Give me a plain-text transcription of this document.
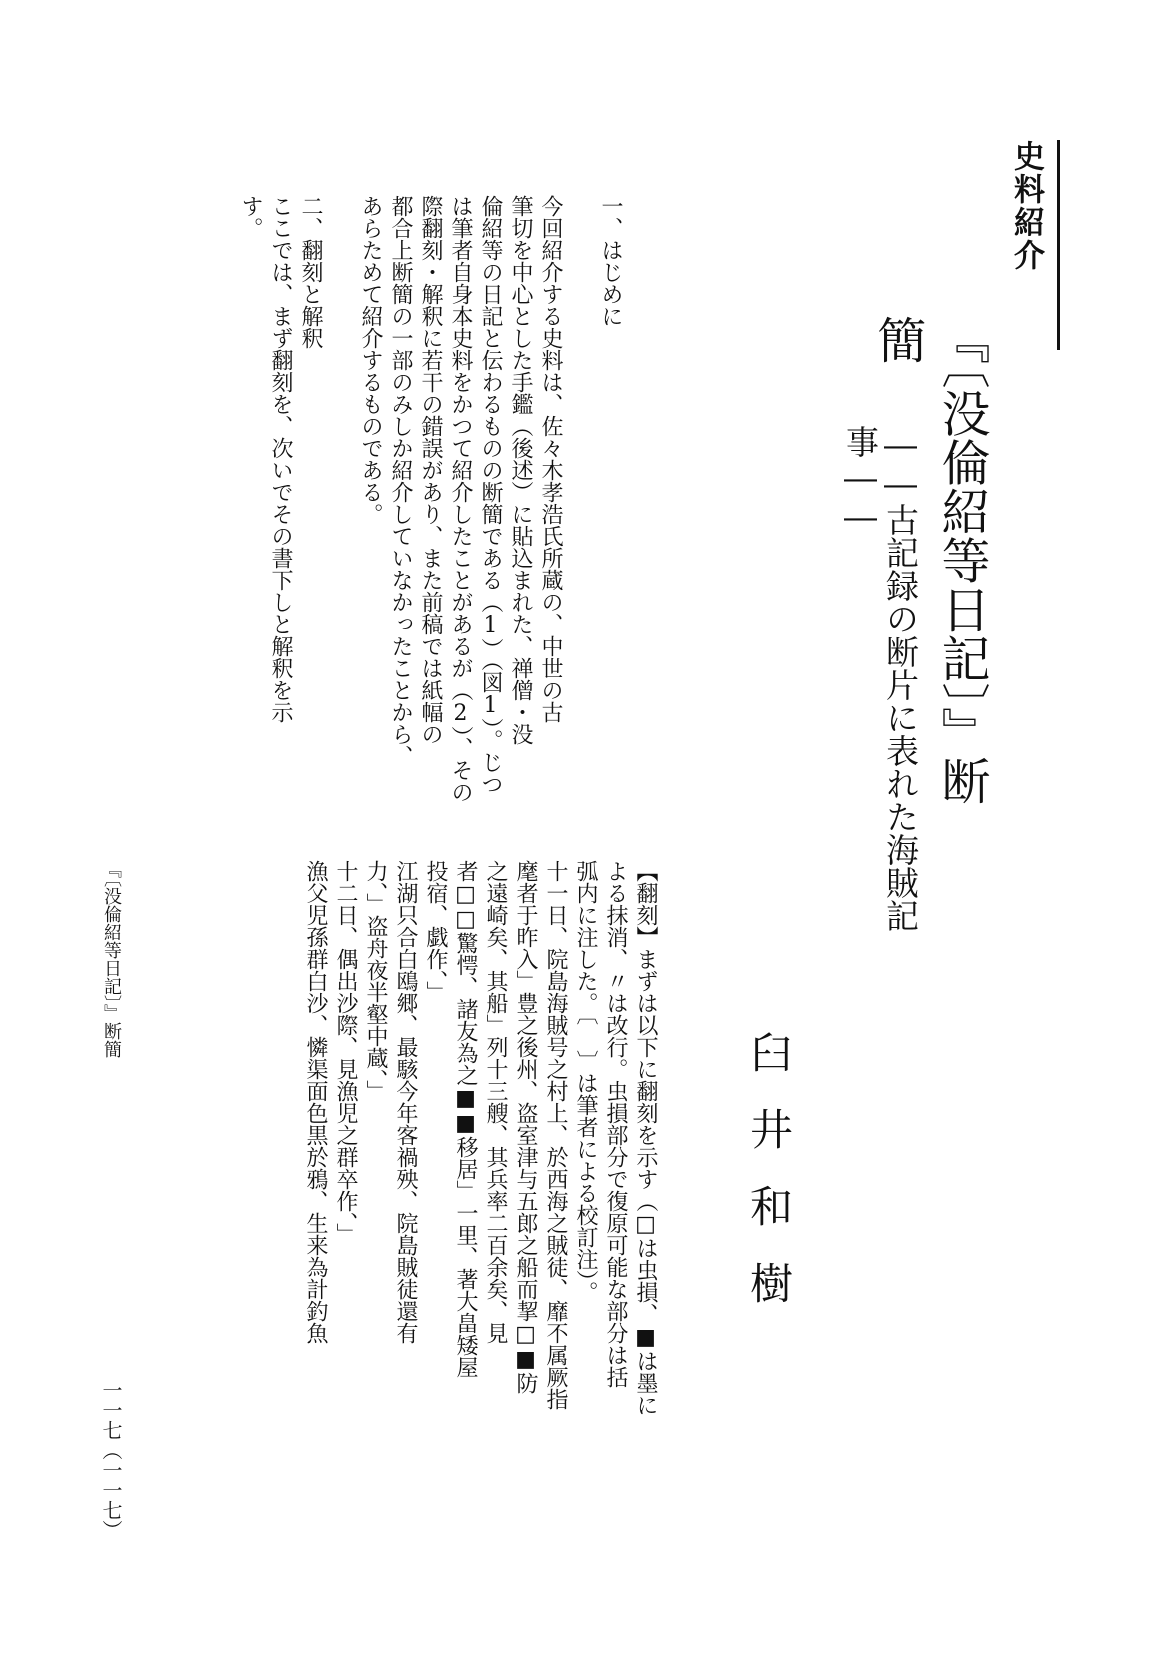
史料紹介
『〔没倫紹等日記〕』断簡
――古記録の断片に表れた海賊記事――
臼井和樹
一、はじめに
今回紹介する史料は、佐々木孝浩氏所蔵の、中世の古
筆切を中心とした手鑑（後述）に貼込まれた、禅僧・没
倫紹等の日記と伝わるものの断簡である（1）（図1）。じつ
は筆者自身本史料をかつて紹介したことがあるが（2）、その
際翻刻・解釈に若干の錯誤があり、また前稿では紙幅の
都合上断簡の一部のみしか紹介していなかったことから、
あらためて紹介するものである。
二、翻刻と解釈
ここでは、まず翻刻を、次いでその書下しと解釈を示
す。
【翻刻】まずは以下に翻刻を示す（□は虫損、■は墨に
よる抹消、〃は改行。虫損部分で復原可能な部分は括
弧内に注した。〔 〕は筆者による校訂注）。
十一日、院島海賊号之村上、於西海之賊徒、靡不属厥指
麾者于昨入」豊之後州、盗室津与五郎之船而挈□■防
之遠崎矣、其船」列十三艘、其兵率二百余矣、見
者□□驚愕、諸友為之■■移居」一里、著大畠矮屋
投宿、戯作、」
江湖只合白鴎郷、最駭今年客禍殃、院島賊徒還有
力、」盗舟夜半壑中蔵、」
十二日、偶出沙際、見漁児之群卒作、」
漁父児孫群白沙、憐渠面色黒於鴉、生来為計釣魚
『〔没倫紹等日記〕』断簡
一一七（一一七）
